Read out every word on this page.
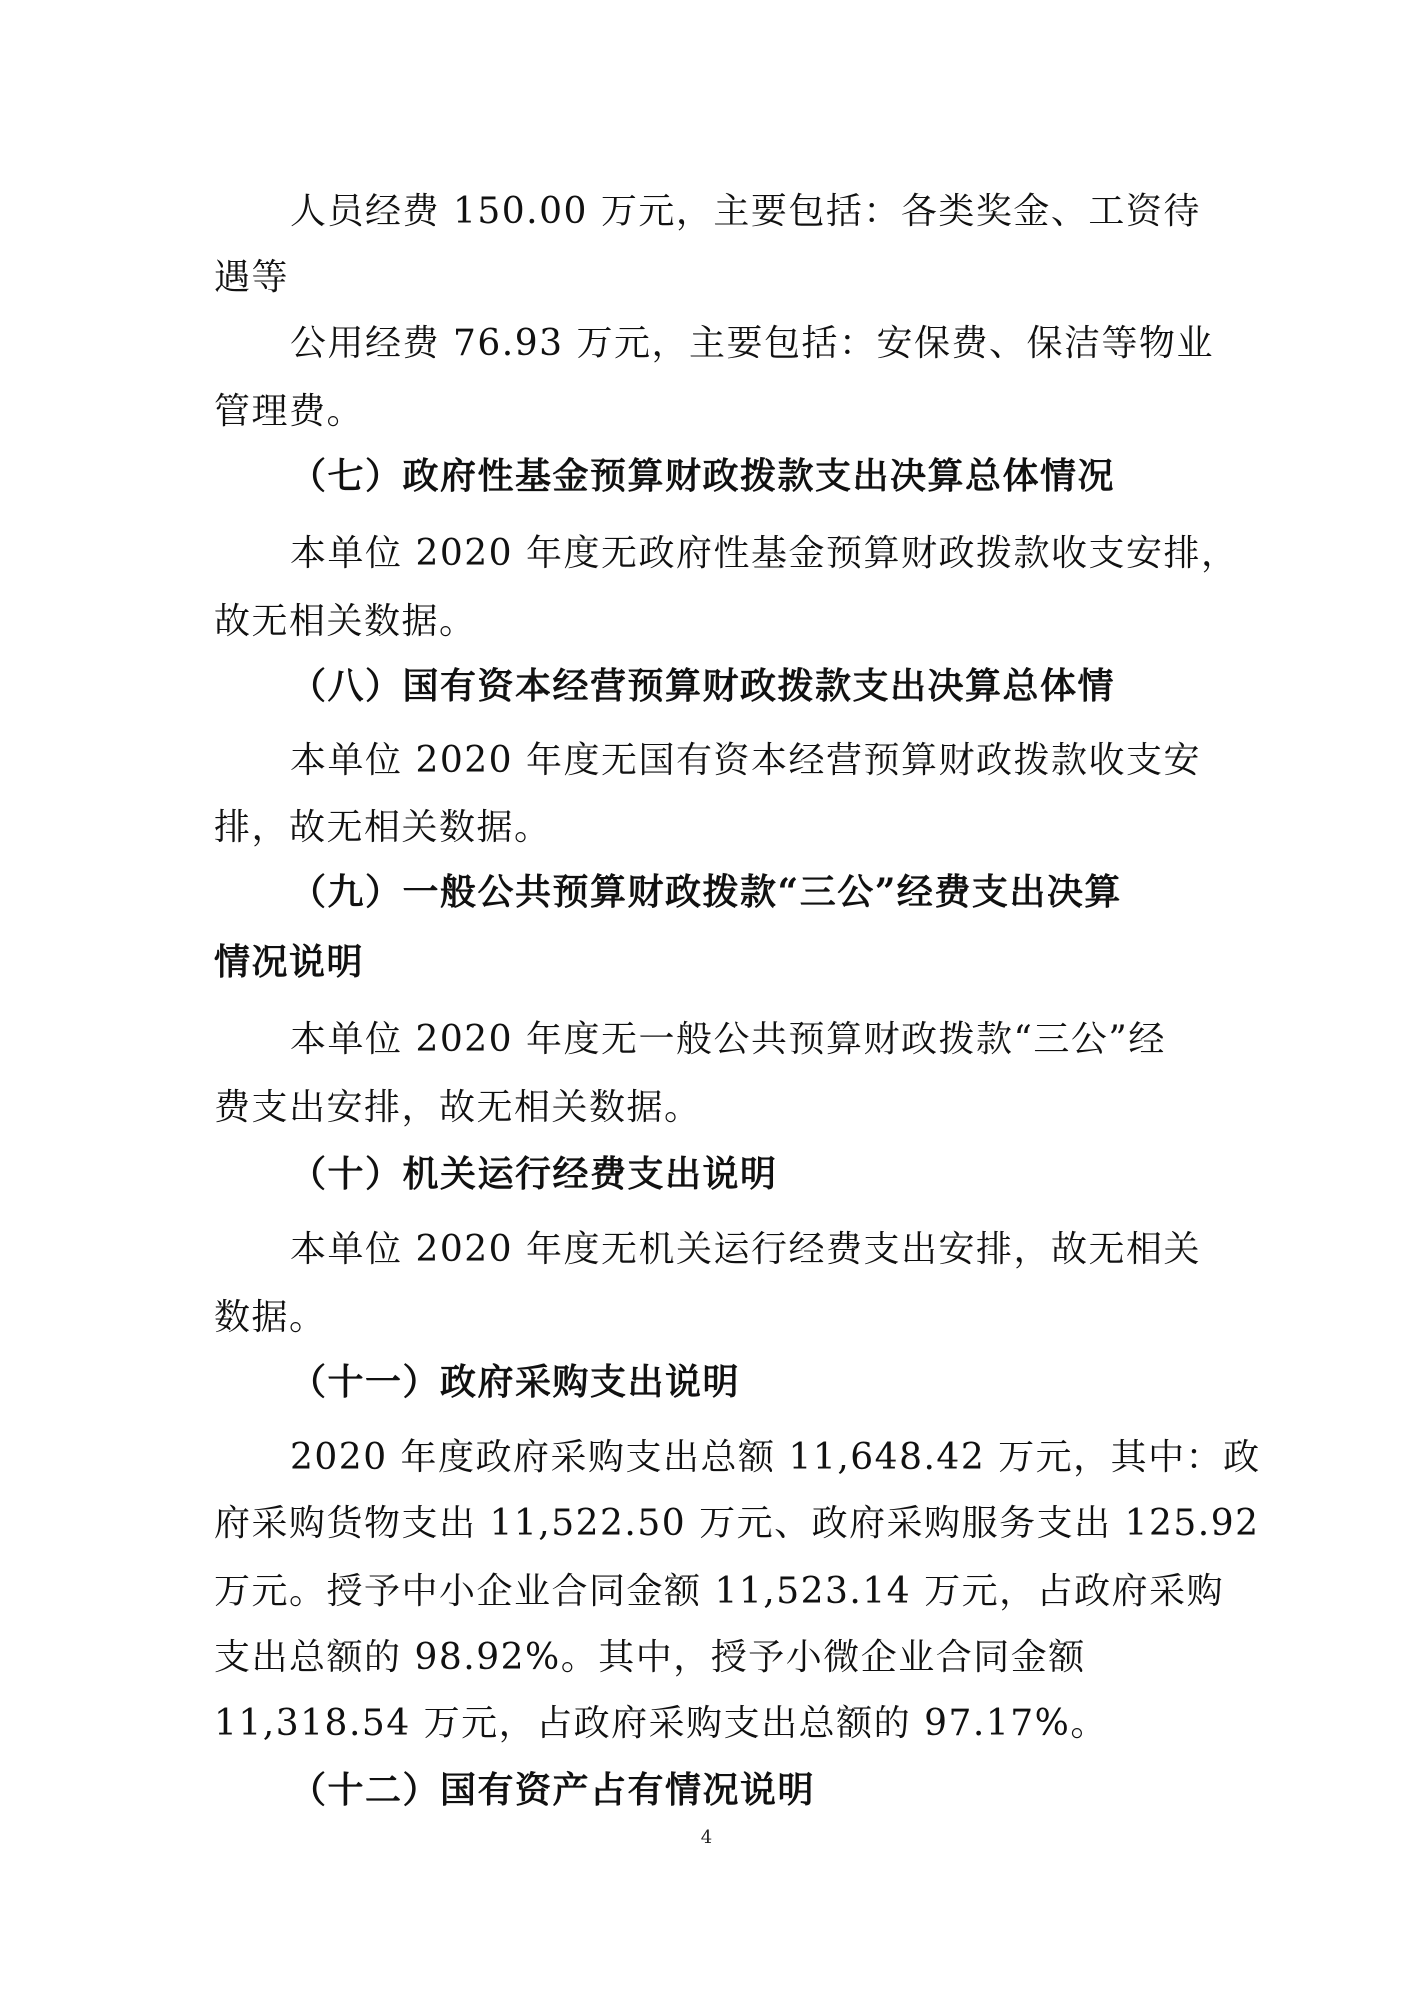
人员经费 150.00 万元，主要包括：各类奖金、工资待
遇等
公用经费 76.93 万元，主要包括：安保费、保洁等物业
管理费。
（七）政府性基金预算财政拨款支出决算总体情况
本单位 2020 年度无政府性基金预算财政拨款收支安排，
故无相关数据。
（八）国有资本经营预算财政拨款支出决算总体情
本单位 2020 年度无国有资本经营预算财政拨款收支安
排，故无相关数据。
（九）一般公共预算财政拨款“三公”经费支出决算
情况说明
本单位 2020 年度无一般公共预算财政拨款“三公”经
费支出安排，故无相关数据。
（十）机关运行经费支出说明
本单位 2020 年度无机关运行经费支出安排，故无相关
数据。
（十一）政府采购支出说明
2020 年度政府采购支出总额 11,648.42 万元，其中：政
府采购货物支出 11,522.50 万元、政府采购服务支出 125.92
万元。授予中小企业合同金额 11,523.14 万元，占政府采购
支出总额的 98.92%。其中，授予小微企业合同金额
11,318.54 万元，占政府采购支出总额的 97.17%。
（十二）国有资产占有情况说明
4
